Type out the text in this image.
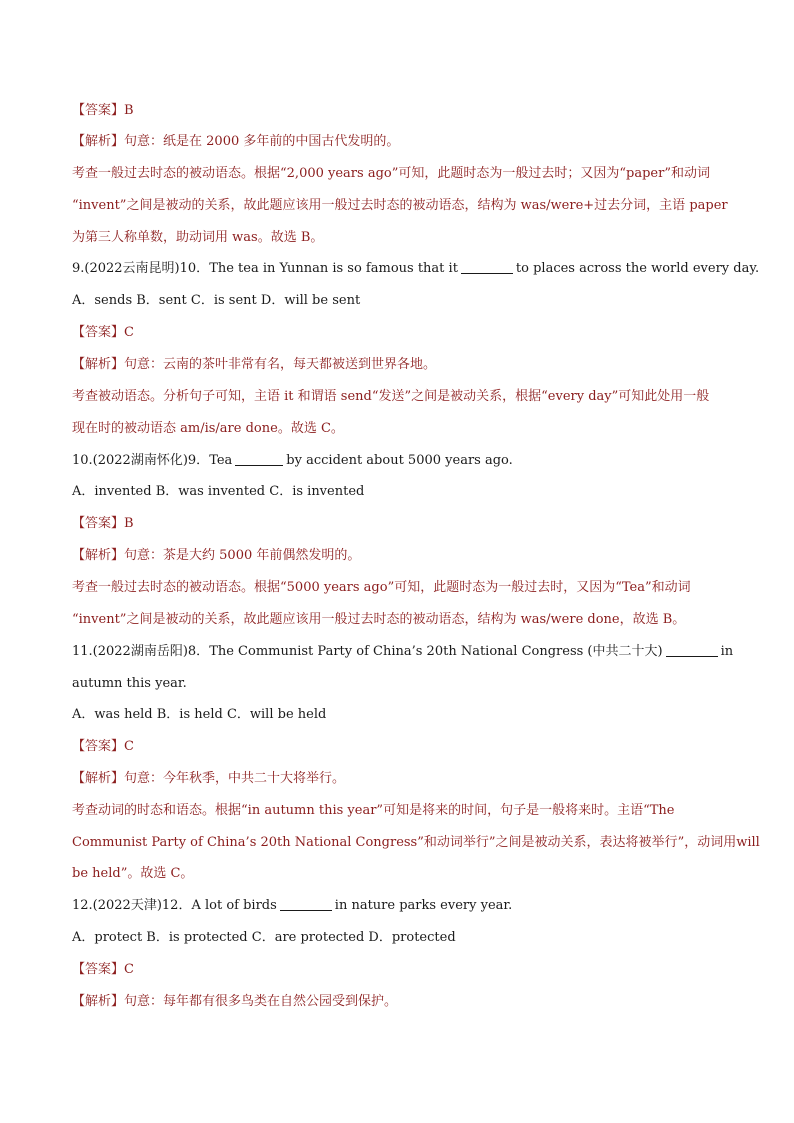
【答案】B
【解析】句意：纸是在 2000 多年前的中国古代发明的。
考查一般过去时态的被动语态。根据“2,000 years ago”可知，此题时态为一般过去时；又因为“paper”和动词
“invent”之间是被动的关系，故此题应该用一般过去时态的被动语态，结构为 was/were+过去分词，主语 paper
为第三人称单数，助动词用 was。故选 B。
9.(2022云南昆明)10．The tea in Yunnan is so famous that it	to places across the world every day.
A．sends B．sent C．is sent D．will be sent
【答案】C
【解析】句意：云南的茶叶非常有名，每天都被送到世界各地。
考查被动语态。分析句子可知，主语 it 和谓语 send“发送”之间是被动关系，根据“every day”可知此处用一般
现在时的被动语态 am/is/are done。故选 C。
10.(2022湖南怀化)9．Tea	by accident about 5000 years ago.
A．invented B．was invented C．is invented
【答案】B
【解析】句意：茶是大约 5000 年前偶然发明的。
考查一般过去时态的被动语态。根据“5000 years ago”可知，此题时态为一般过去时，又因为“Tea”和动词
“invent”之间是被动的关系，故此题应该用一般过去时态的被动语态，结构为 was/were done，故选 B。
11.(2022湖南岳阳)8．The Communist Party of China’s 20th National Congress (中共二十大)	in
autumn this year.
A．was held B．is held C．will be held
【答案】C
【解析】句意：今年秋季，中共二十大将举行。
考查动词的时态和语态。根据“in autumn this year”可知是将来的时间，句子是一般将来时。主语“The
Communist Party of China’s 20th National Congress”和动词举行”之间是被动关系，表达将被举行”，动词用will
be held”。故选 C。
12.(2022天津)12．A lot of birds	in nature parks every year.
A．protect B．is protected C．are protected D．protected
【答案】C
【解析】句意：每年都有很多鸟类在自然公园受到保护。
